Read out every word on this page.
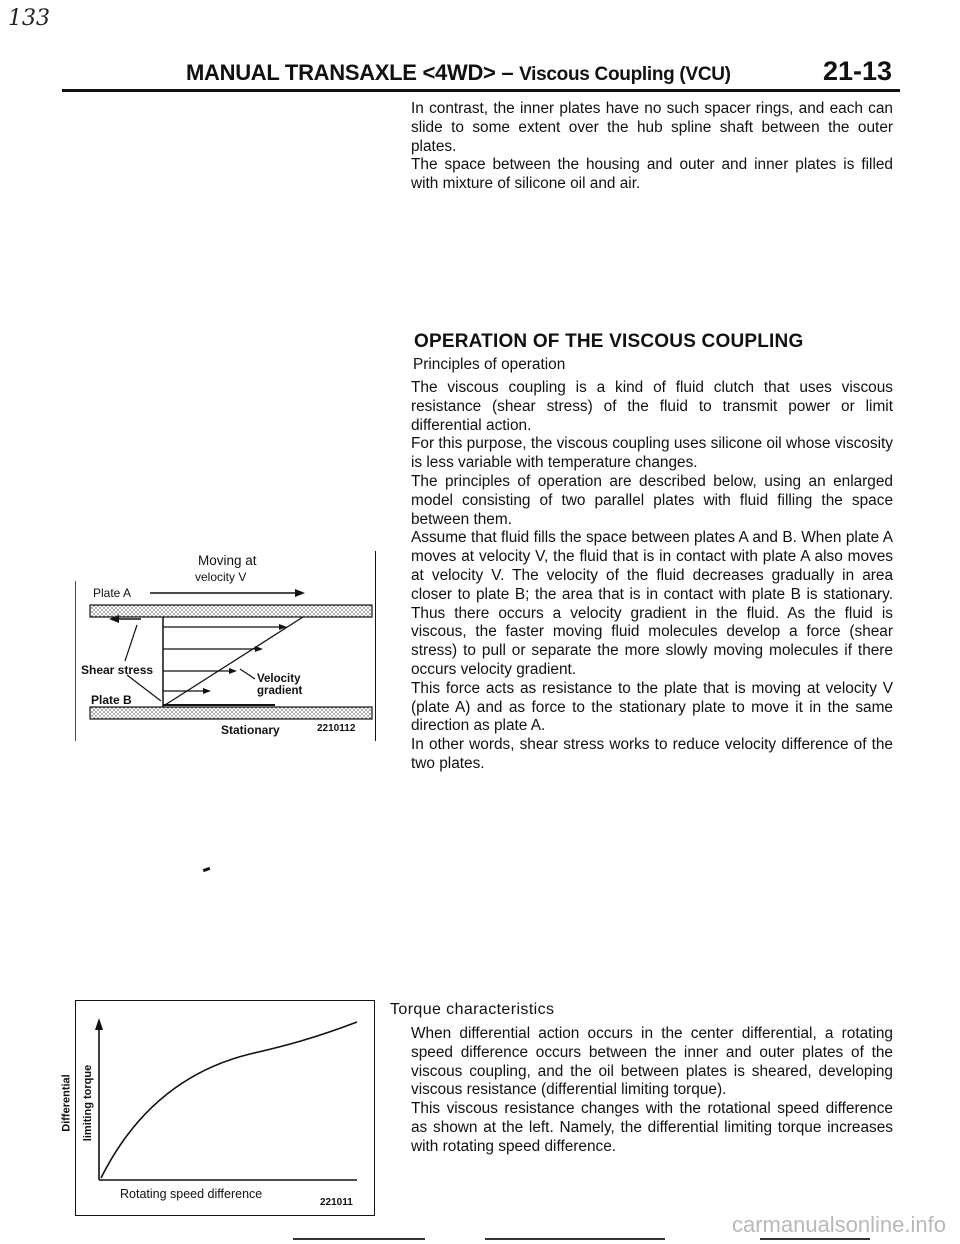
133
MANUAL TRANSAXLE <4WD> – Viscous Coupling (VCU)	21-13

In contrast, the inner plates have no such spacer rings, and each can slide to some extent over the hub spline shaft between the outer plates.

The space between the housing and outer and inner plates is filled with mixture of silicone oil and air.

OPERATION OF THE VISCOUS COUPLING
Principles of operation

The viscous coupling is a kind of fluid clutch that uses viscous resistance (shear stress) of the fluid to transmit power or limit differential action.

For this purpose, the viscous coupling uses silicone oil whose viscosity is less variable with temperature changes.

The principles of operation are described below, using an enlarged model consisting of two parallel plates with fluid filling the space between them.

Assume that fluid fills the space between plates A and B. When plate A moves at velocity V, the fluid that is in contact with plate A also moves at velocity V. The velocity of the fluid decreases gradually in area closer to plate B; the area that is in contact with plate B is stationary. Thus there occurs a velocity gradient in the fluid. As the fluid is viscous, the faster moving fluid molecules develop a force (shear stress) to pull or separate the more slowly moving molecules if there occurs velocity gradient.

This force acts as resistance to the plate that is moving at velocity V (plate A) and as force to the stationary plate to move it in the same direction as plate A.

In other words, shear stress works to reduce velocity difference of the two plates.

Moving at
velocity V
Plate A
Shear stress
Velocity
gradient
Plate B
Stationary	2210112
Torque characteristics

When differential action occurs in the center differential, a rotating speed difference occurs between the inner and outer plates of the viscous coupling, and the oil between plates is sheared, developing viscous resistance (differential limiting torque).

This viscous resistance changes with the rotational speed difference as shown at the left. Namely, the differential limiting torque increases with rotating speed difference.

Differential limiting torque
Rotating speed difference
221011
carmanualsonline.info
